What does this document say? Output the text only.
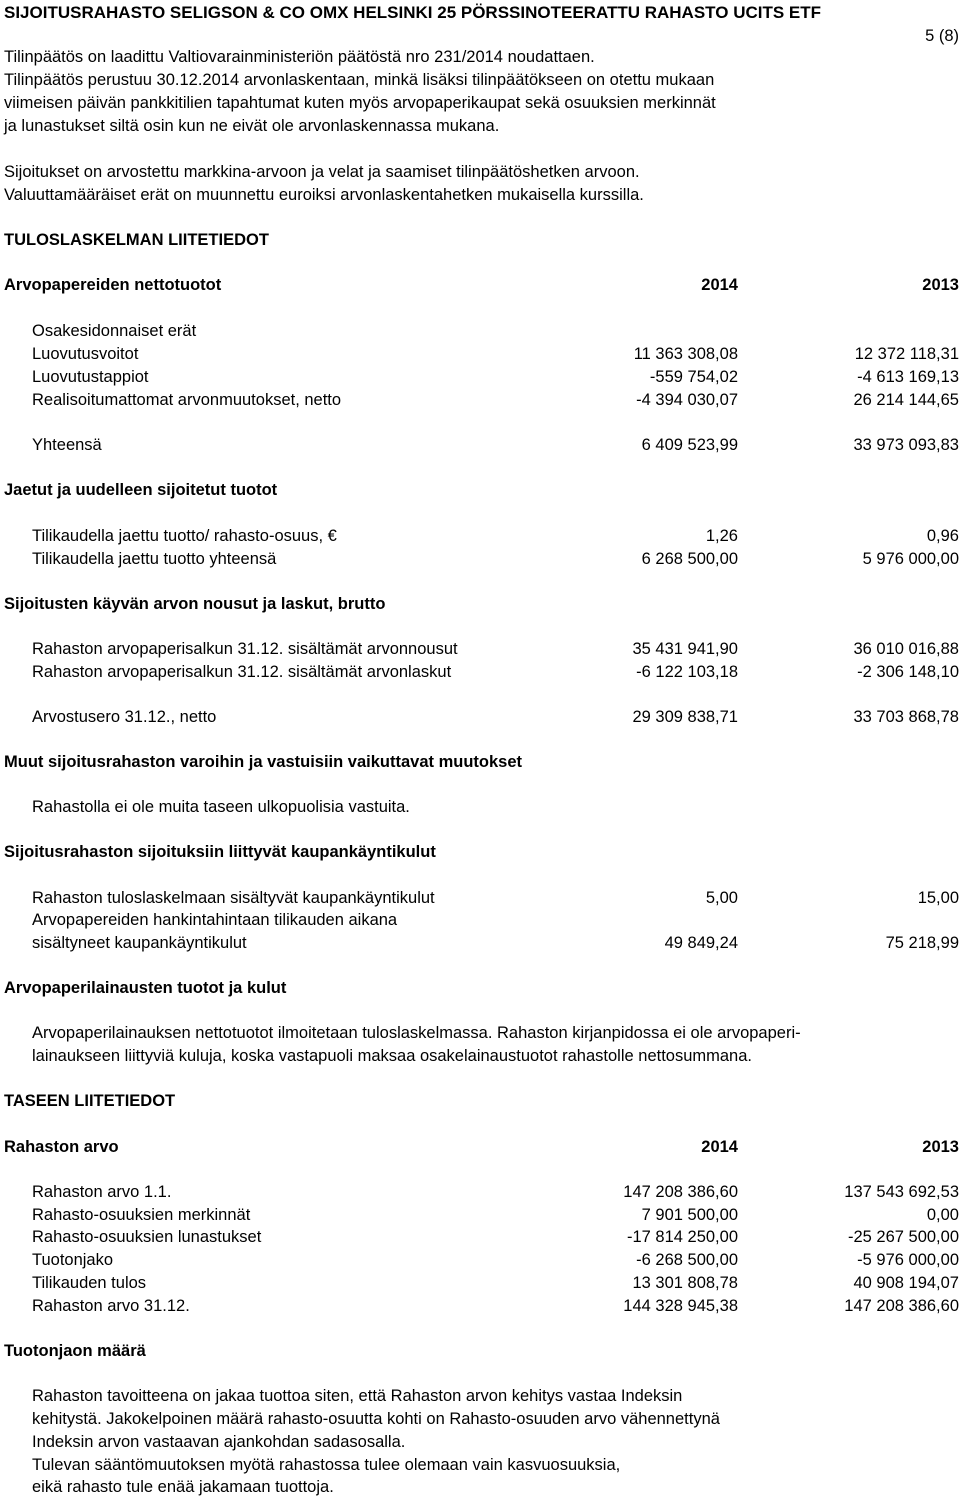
SIJOITUSRAHASTO SELIGSON & CO OMX HELSINKI 25 PÖRSSINOTEERATTU RAHASTO UCITS ETF
5 (8)
Tilinpäätös on laadittu Valtiovarainministeriön päätöstä nro 231/2014 noudattaen.
Tilinpäätös perustuu 30.12.2014 arvonlaskentaan, minkä lisäksi tilinpäätökseen on otettu mukaan
viimeisen päivän pankkitilien tapahtumat kuten myös arvopaperikaupat sekä osuuksien merkinnät
ja lunastukset siltä osin kun ne eivät ole arvonlaskennassa mukana.
Sijoitukset on arvostettu markkina-arvoon ja velat ja saamiset tilinpäätöshetken arvoon.
Valuuttamääräiset erät on muunnettu euroiksi arvonlaskentahetken mukaisella kurssilla.
TULOSLASKELMAN LIITETIEDOT
Arvopapereiden nettotuotot	2014	2013
Osakesidonnaiset erät
Luovutusvoitot	11 363 308,08	12 372 118,31
Luovutustappiot	-559 754,02	-4 613 169,13
Realisoitumattomat arvonmuutokset, netto	-4 394 030,07	26 214 144,65
Yhteensä	6 409 523,99	33 973 093,83
Jaetut ja uudelleen sijoitetut tuotot
Tilikaudella jaettu tuotto/ rahasto-osuus, €	1,26	0,96
Tilikaudella jaettu tuotto yhteensä	6 268 500,00	5 976 000,00
Sijoitusten käyvän arvon nousut ja laskut, brutto
Rahaston arvopaperisalkun 31.12. sisältämät arvonnousut	35 431 941,90	36 010 016,88
Rahaston arvopaperisalkun 31.12. sisältämät arvonlaskut	-6 122 103,18	-2 306 148,10
Arvostusero 31.12., netto	29 309 838,71	33 703 868,78
Muut sijoitusrahaston varoihin ja vastuisiin vaikuttavat muutokset
Rahastolla ei ole muita taseen ulkopuolisia vastuita.
Sijoitusrahaston sijoituksiin liittyvät kaupankäyntikulut
Rahaston tuloslaskelmaan sisältyvät kaupankäyntikulut	5,00	15,00
Arvopapereiden hankintahintaan tilikauden aikana
sisältyneet kaupankäyntikulut	49 849,24	75 218,99
Arvopaperilainausten tuotot ja kulut
Arvopaperilainauksen nettotuotot ilmoitetaan tuloslaskelmassa. Rahaston kirjanpidossa ei ole arvopaperi-
lainaukseen liittyviä kuluja, koska vastapuoli maksaa osakelainaustuotot rahastolle nettosummana.
TASEEN LIITETIEDOT
Rahaston arvo	2014	2013
Rahaston arvo 1.1.	147 208 386,60	137 543 692,53
Rahasto-osuuksien merkinnät	7 901 500,00	0,00
Rahasto-osuuksien lunastukset	-17 814 250,00	-25 267 500,00
Tuotonjako	-6 268 500,00	-5 976 000,00
Tilikauden tulos	13 301 808,78	40 908 194,07
Rahaston arvo 31.12.	144 328 945,38	147 208 386,60
Tuotonjaon määrä
Rahaston tavoitteena on jakaa tuottoa siten, että Rahaston arvon kehitys vastaa Indeksin
kehitystä. Jakokelpoinen määrä rahasto-osuutta kohti on Rahasto-osuuden arvo vähennettynä
Indeksin arvon vastaavan ajankohdan sadasosalla.
Tulevan sääntömuutoksen myötä rahastossa tulee olemaan vain kasvuosuuksia,
eikä rahasto tule enää jakamaan tuottoja.
